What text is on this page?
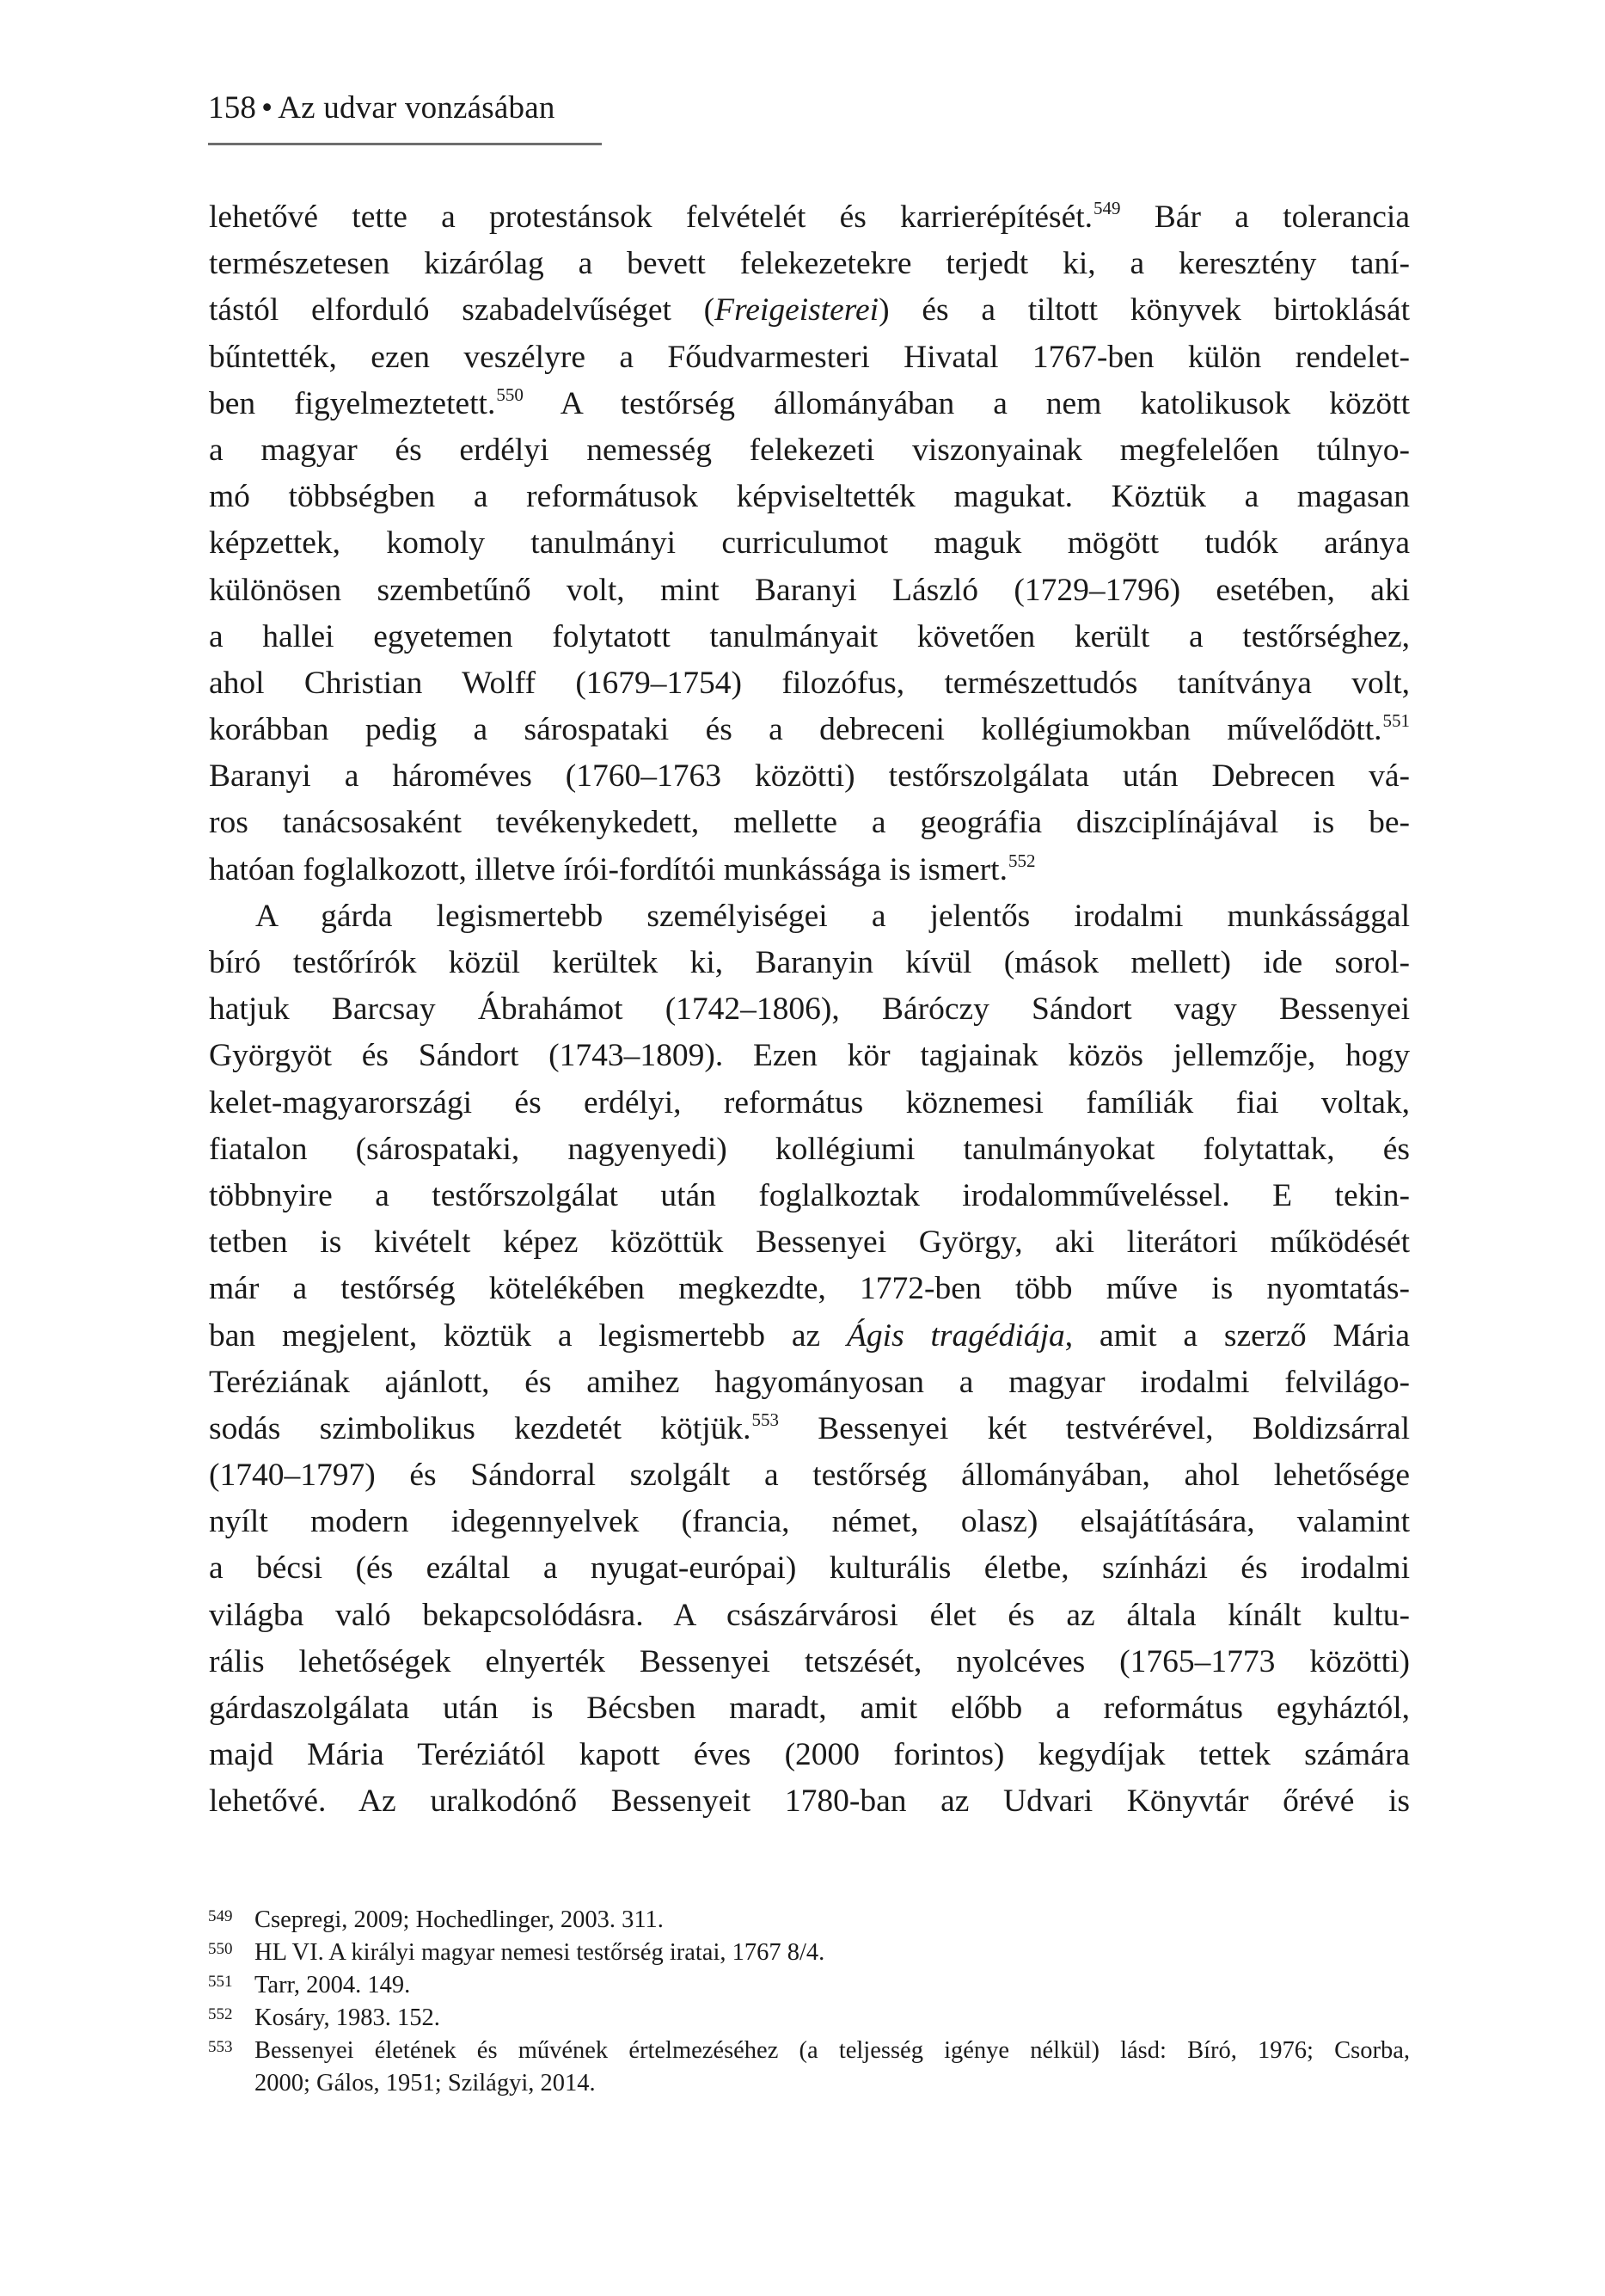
158 • Az udvar vonzásában
lehetővé tette a protestánsok felvételét és karrierépítését.$^{549}$ Bár a tolerancia
természetesen kizárólag a bevett felekezetekre terjedt ki, a keresztény taní-
tástól elforduló szabadelvűséget (Freigeisterei) és a tiltott könyvek birtoklását
bűntették, ezen veszélyre a Főudvarmesteri Hivatal 1767-ben külön rendelet-
ben figyelmeztetett.$^{550}$ A testőrség állományában a nem katolikusok között
a magyar és erdélyi nemesség felekezeti viszonyainak megfelelően túlnyo-
mó többségben a reformátusok képviseltették magukat. Köztük a magasan
képzettek, komoly tanulmányi curriculumot maguk mögött tudók aránya
különösen szembetűnő volt, mint Baranyi László (1729–1796) esetében, aki
a hallei egyetemen folytatott tanulmányait követően került a testőrséghez,
ahol Christian Wolff (1679–1754) filozófus, természettudós tanítványa volt,
korábban pedig a sárospataki és a debreceni kollégiumokban művelődött.$^{551}$
Baranyi a hároméves (1760–1763 közötti) testőrszolgálata után Debrecen vá-
ros tanácsosaként tevékenykedett, mellette a geográfia diszciplínájával is be-
hatóan foglalkozott, illetve írói-fordítói munkássága is ismert.$^{552}$
A gárda legismertebb személyiségei a jelentős irodalmi munkássággal
bíró testőrírók közül kerültek ki, Baranyin kívül (mások mellett) ide sorol-
hatjuk Barcsay Ábrahámot (1742–1806), Báróczy Sándort vagy Bessenyei
Györgyöt és Sándort (1743–1809). Ezen kör tagjainak közös jellemzője, hogy
kelet-magyarországi és erdélyi, református köznemesi famíliák fiai voltak,
fiatalon (sárospataki, nagyenyedi) kollégiumi tanulmányokat folytattak, és
többnyire a testőrszolgálat után foglalkoztak irodalomműveléssel. E tekin-
tetben is kivételt képez közöttük Bessenyei György, aki literátori működését
már a testőrség kötelékében megkezdte, 1772-ben több műve is nyomtatás-
ban megjelent, köztük a legismertebb az Ágis tragédiája, amit a szerző Mária
Teréziának ajánlott, és amihez hagyományosan a magyar irodalmi felvilágo-
sodás szimbolikus kezdetét kötjük.$^{553}$ Bessenyei két testvérével, Boldizsárral
(1740–1797) és Sándorral szolgált a testőrség állományában, ahol lehetősége
nyílt modern idegennyelvek (francia, német, olasz) elsajátítására, valamint
a bécsi (és ezáltal a nyugat-európai) kulturális életbe, színházi és irodalmi
világba való bekapcsolódásra. A császárvárosi élet és az általa kínált kultu-
rális lehetőségek elnyerték Bessenyei tetszését, nyolcéves (1765–1773 közötti)
gárdaszolgálata után is Bécsben maradt, amit előbb a református egyháztól,
majd Mária Teréziától kapott éves (2000 forintos) kegydíjak tettek számára
lehetővé. Az uralkodónő Bessenyeit 1780-ban az Udvari Könyvtár őrévé is
549 Csepregi, 2009; Hochedlinger, 2003. 311.
550 HL VI. A királyi magyar nemesi testőrség iratai, 1767 8/4.
551 Tarr, 2004. 149.
552 Kosáry, 1983. 152.
553 Bessenyei életének és művének értelmezéséhez (a teljesség igénye nélkül) lásd: Bíró, 1976; Csorba,
2000; Gálos, 1951; Szilágyi, 2014.
